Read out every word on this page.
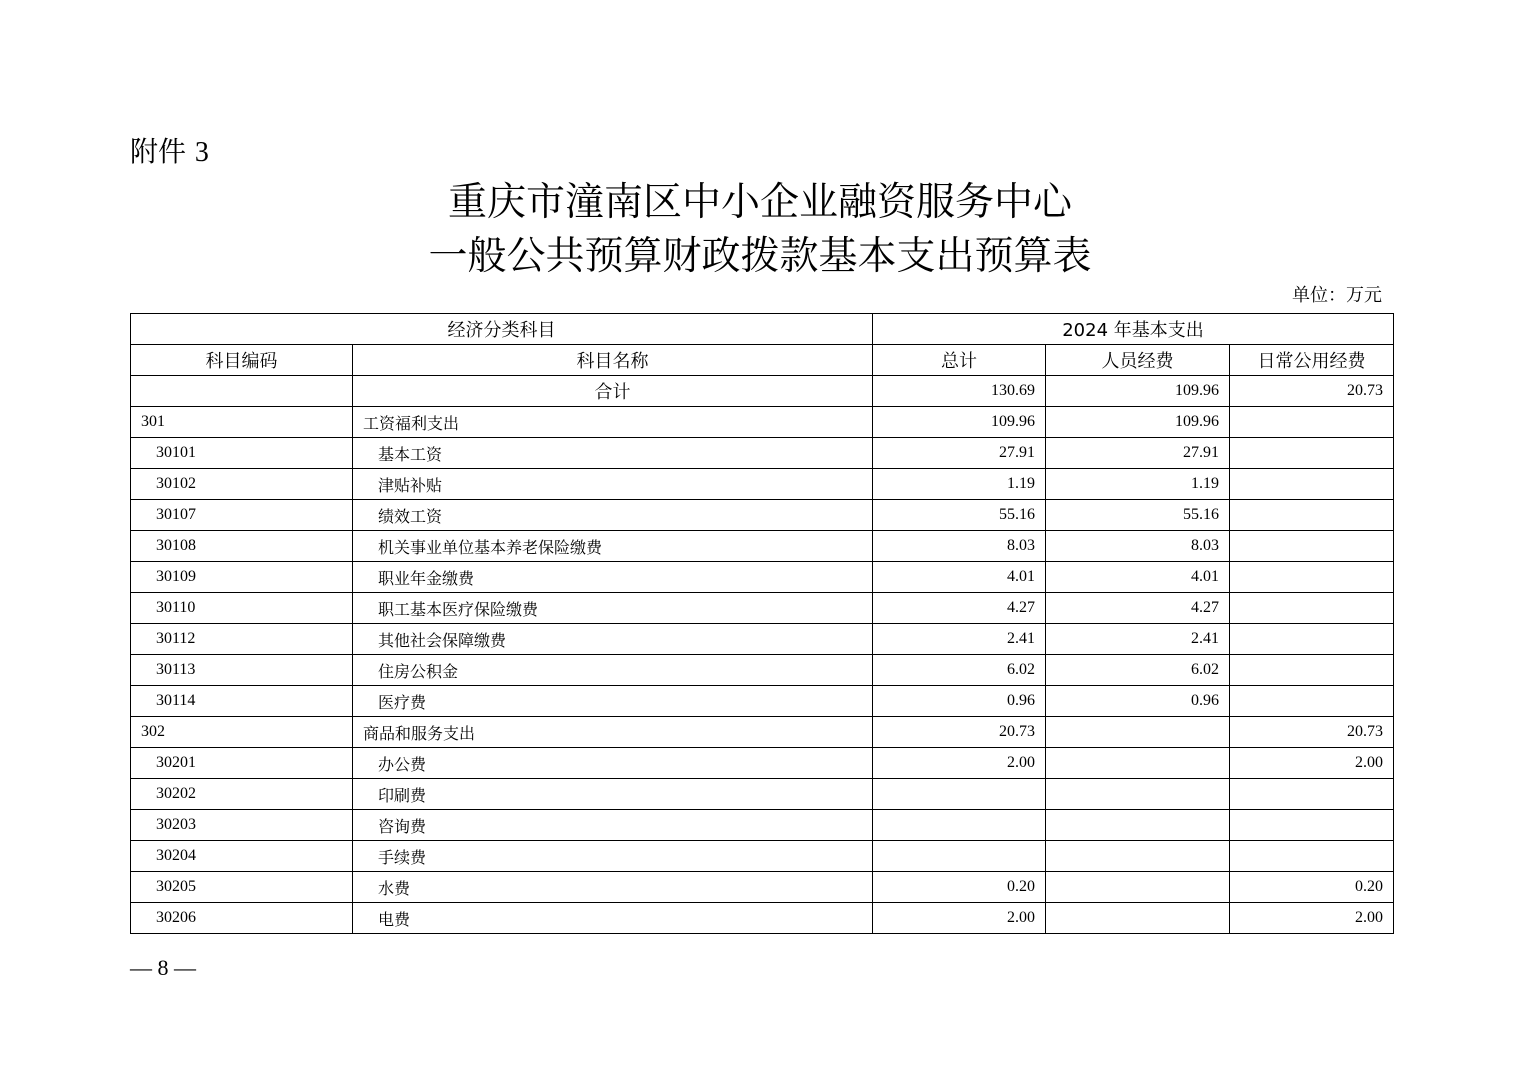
附件 3
重庆市潼南区中小企业融资服务中心
一般公共预算财政拨款基本支出预算表
单位：万元
经济分类科目		2024 年基本支出		
科目编码	科目名称	总计	人员经费	日常公用经费
	合计	130.69	109.96	20.73
301	工资福利支出	109.96	109.96	
30101	基本工资	27.91	27.91	
30102	津贴补贴	1.19	1.19	
30107	绩效工资	55.16	55.16	
30108	机关事业单位基本养老保险缴费	8.03	8.03	
30109	职业年金缴费	4.01	4.01	
30110	职工基本医疗保险缴费	4.27	4.27	
30112	其他社会保障缴费	2.41	2.41	
30113	住房公积金	6.02	6.02	
30114	医疗费	0.96	0.96	
302	商品和服务支出	20.73		20.73
30201	办公费	2.00		2.00
30202	印刷费			
30203	咨询费			
30204	手续费			
30205	水费	0.20		0.20
30206	电费	2.00		2.00
— 8 —
